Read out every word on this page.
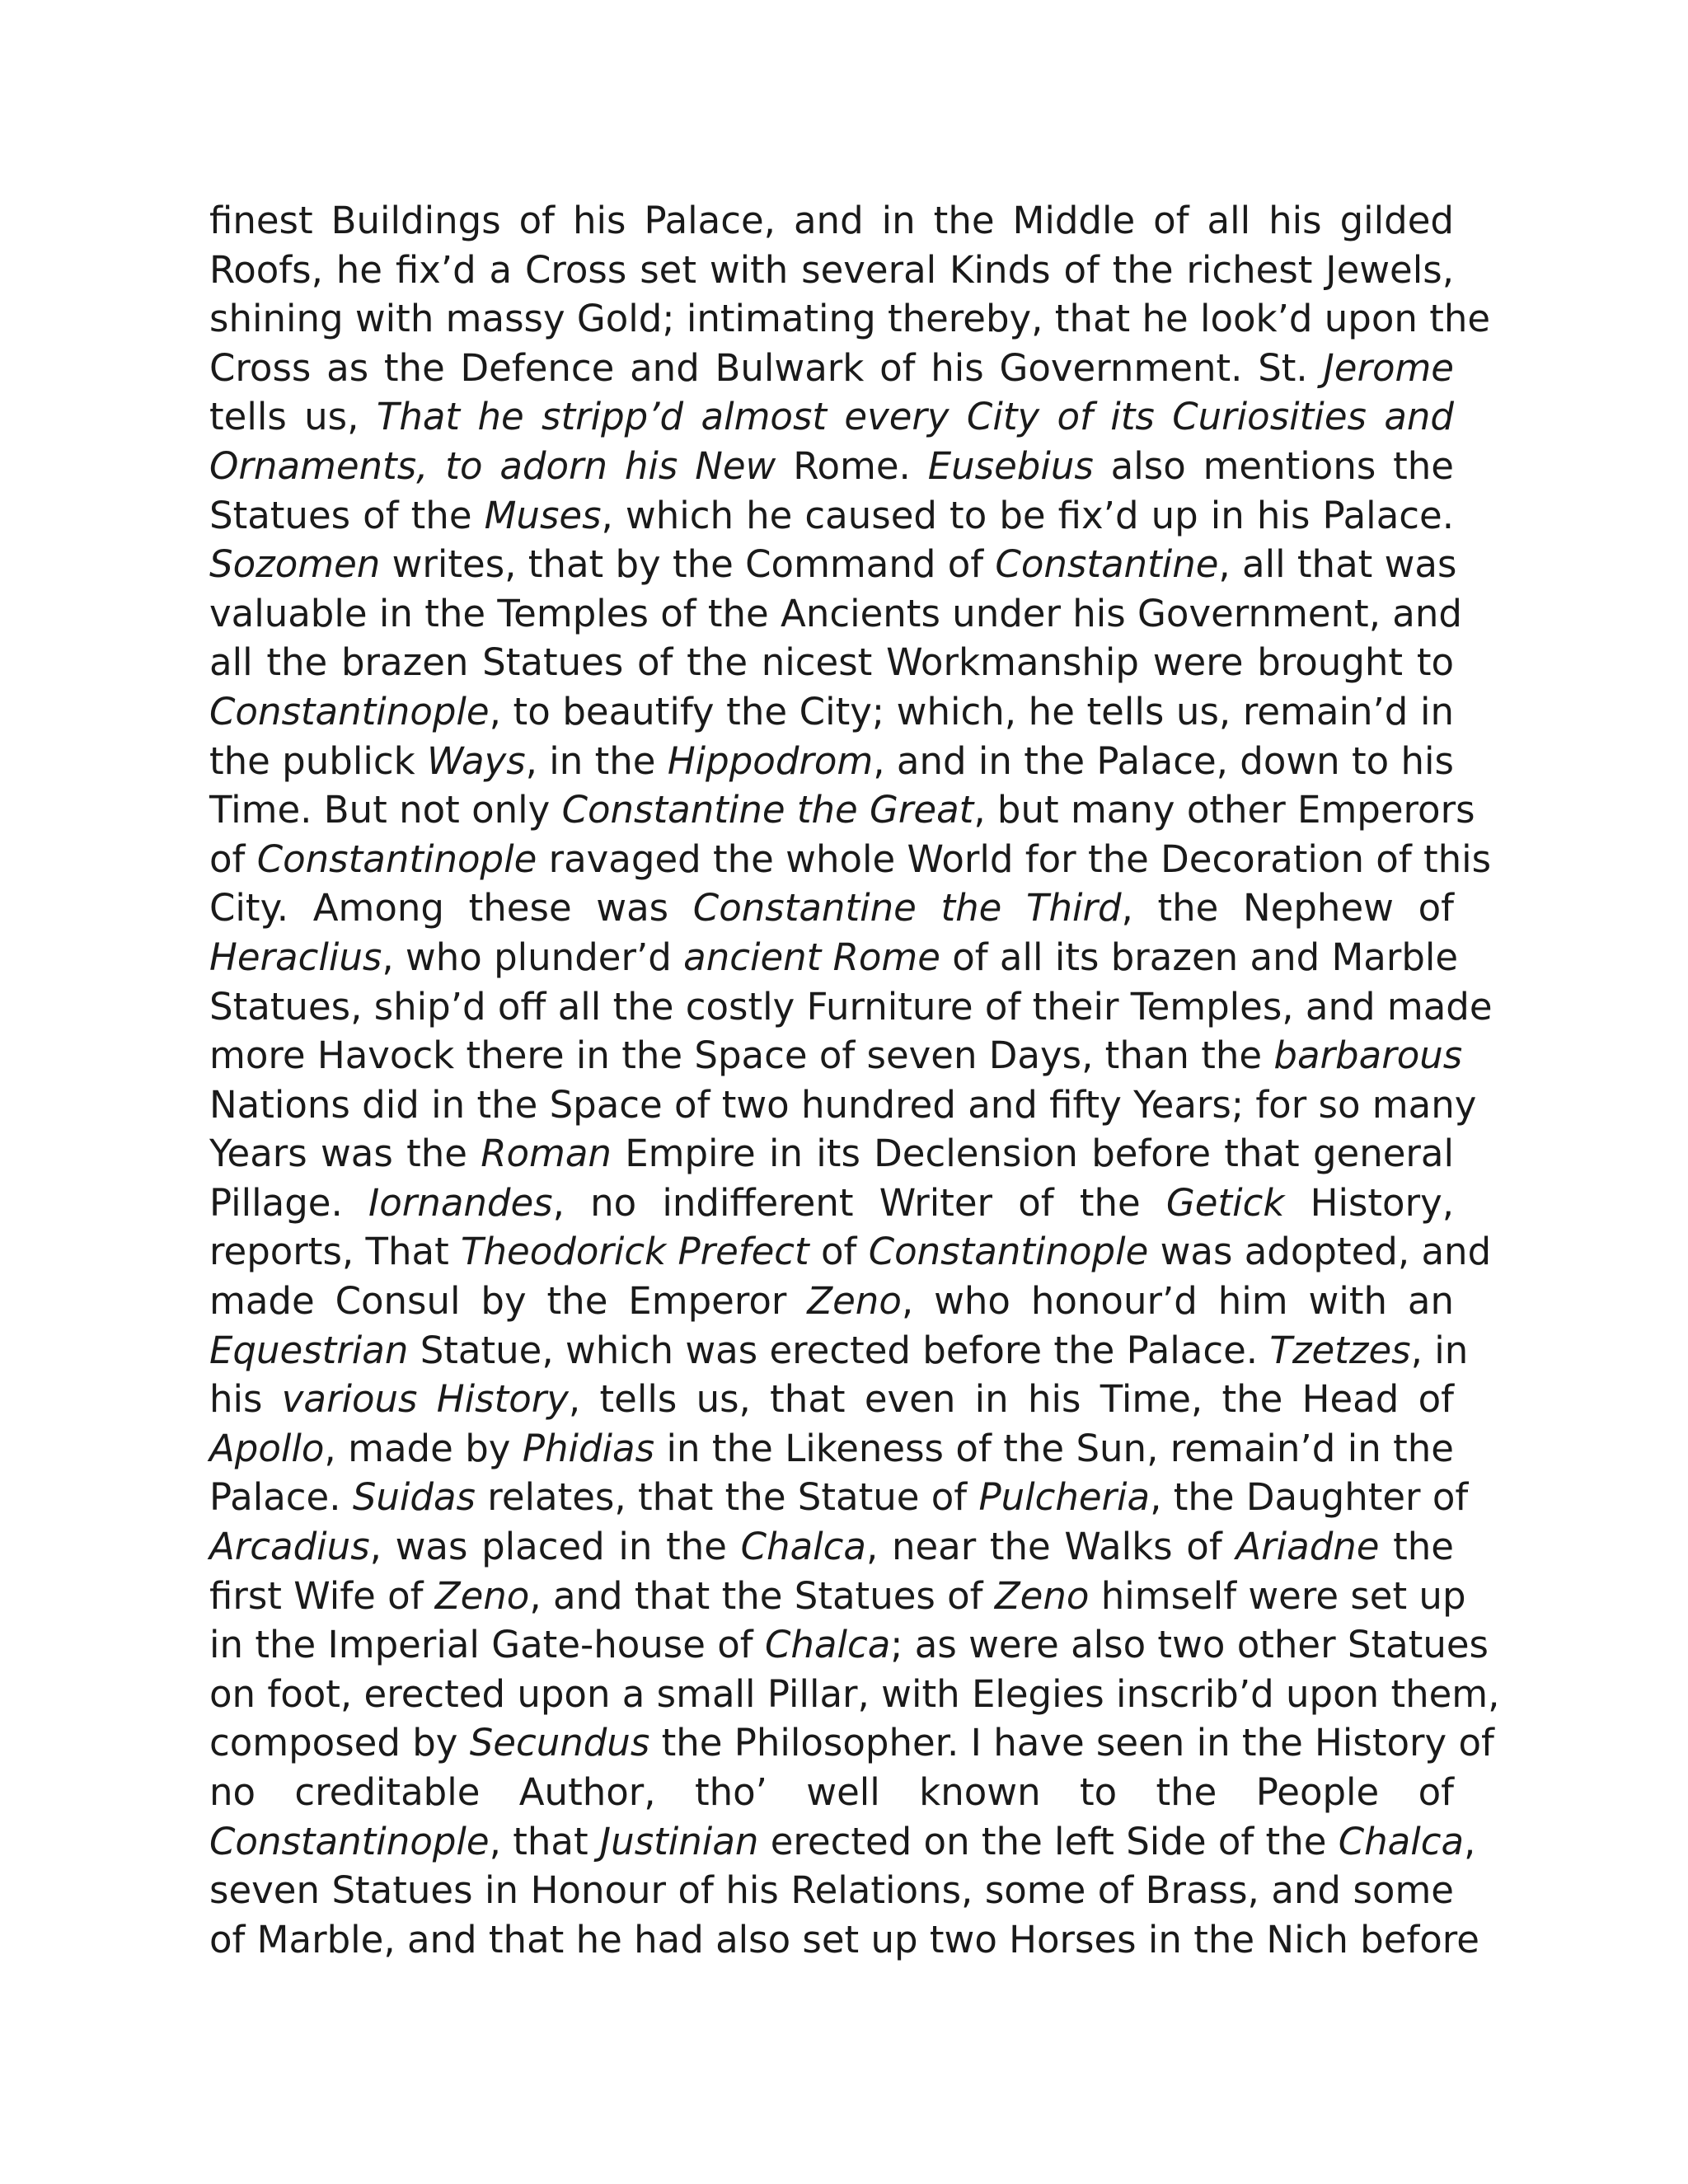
finest Buildings of his Palace, and in the Middle of all his gilded
Roofs, he fix’d a Cross set with several Kinds of the richest Jewels,
shining with massy Gold; intimating thereby, that he look’d upon the
Cross as the Defence and Bulwark of his Government. St. Jerome
tells us, That he stripp’d almost every City of its Curiosities and
Ornaments, to adorn his New Rome. Eusebius also mentions the
Statues of the Muses, which he caused to be fix’d up in his Palace.
Sozomen writes, that by the Command of Constantine, all that was
valuable in the Temples of the Ancients under his Government, and
all the brazen Statues of the nicest Workmanship were brought to
Constantinople, to beautify the City; which, he tells us, remain’d in
the publick Ways, in the Hippodrom, and in the Palace, down to his
Time. But not only Constantine the Great, but many other Emperors
of Constantinople ravaged the whole World for the Decoration of this
City. Among these was Constantine the Third, the Nephew of
Heraclius, who plunder’d ancient Rome of all its brazen and Marble
Statues, ship’d off all the costly Furniture of their Temples, and made
more Havock there in the Space of seven Days, than the barbarous
Nations did in the Space of two hundred and fifty Years; for so many
Years was the Roman Empire in its Declension before that general
Pillage. Iornandes, no indifferent Writer of the Getick History,
reports, That Theodorick Prefect of Constantinople was adopted, and
made Consul by the Emperor Zeno, who honour’d him with an
Equestrian Statue, which was erected before the Palace. Tzetzes, in
his various History, tells us, that even in his Time, the Head of
Apollo, made by Phidias in the Likeness of the Sun, remain’d in the
Palace. Suidas relates, that the Statue of Pulcheria, the Daughter of
Arcadius, was placed in the Chalca, near the Walks of Ariadne the
first Wife of Zeno, and that the Statues of Zeno himself were set up
in the Imperial Gate-house of Chalca; as were also two other Statues
on foot, erected upon a small Pillar, with Elegies inscrib’d upon them,
composed by Secundus the Philosopher. I have seen in the History of
no creditable Author, tho’ well known to the People of
Constantinople, that Justinian erected on the left Side of the Chalca,
seven Statues in Honour of his Relations, some of Brass, and some
of Marble, and that he had also set up two Horses in the Nich before
